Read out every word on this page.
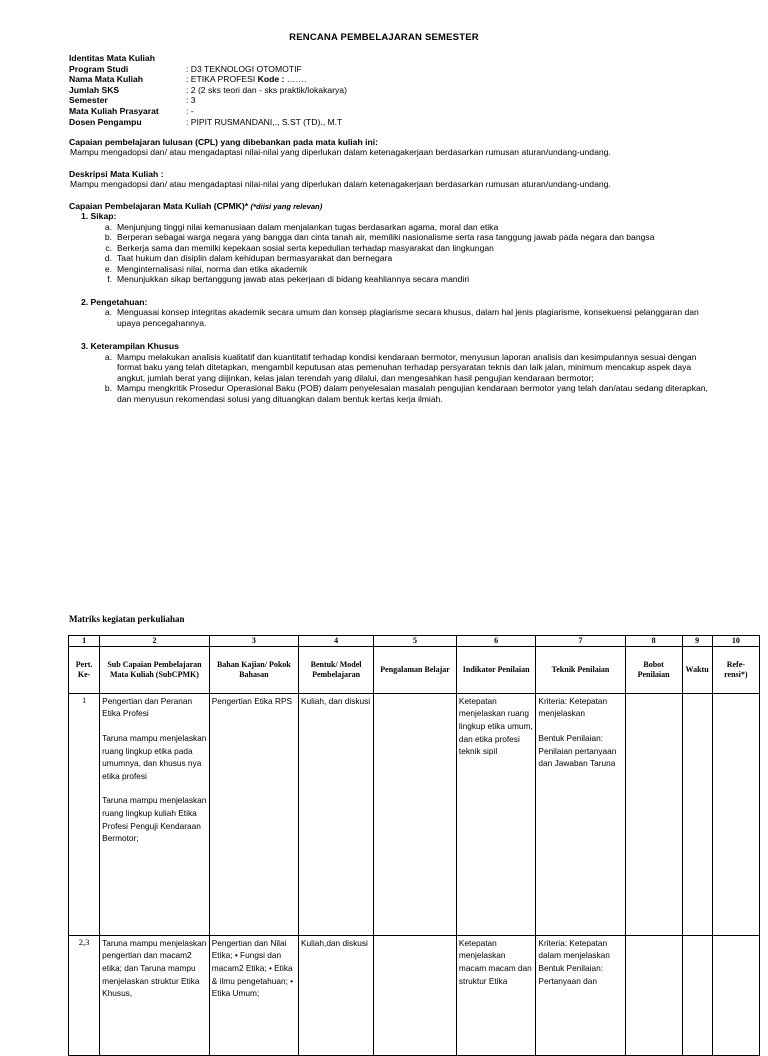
RENCANA PEMBELAJARAN SEMESTER
Identitas Mata Kuliah
Program Studi	: D3 TEKNOLOGI OTOMOTIF
Nama Mata Kuliah	: ETIKA PROFESI Kode : …….
Jumlah SKS	: 2 (2 sks teori dan - sks praktik/lokakarya)
Semester	: 3
Mata Kuliah Prasyarat	: -
Dosen Pengampu	: PIPIT RUSMANDANI,., S.ST (TD)., M.T
Capaian pembelajaran lulusan (CPL) yang dibebankan pada mata kuliah ini:
Mampu mengadopsi dan/ atau mengadaptasi nilai-nilai yang diperlukan dalam ketenagakerjaan berdasarkan rumusan aturan/undang-undang.
Deskripsi Mata Kuliah :
Mampu mengadopsi dan/ atau mengadaptasi nilai-nilai yang diperlukan dalam ketenagakerjaan berdasarkan rumusan aturan/undang-undang.
Capaian Pembelajaran Mata Kuliah (CPMK)* (*diisi yang relevan)
1. Sikap:
a. Menjunjung tinggi nilai kemanusiaan dalam menjalankan tugas berdasarkan agama, moral dan etika
b. Berperan sebagai warga negara yang bangga dan cinta tanah air, memiliki nasionalisme serta rasa tanggung jawab pada negara dan bangsa
c. Berkerja sama dan memilki kepekaan sosial serta kepedulian terhadap masyarakat dan lingkungan
d. Taat hukum dan disiplin dalam kehidupan bermasyarakat dan bernegara
e. Menginternalisasi nilai, norma dan etika akademik
f. Menunjukkan sikap bertanggung jawab atas pekerjaan di bidang keahliannya secara mandiri
2. Pengetahuan:
a. Menguasai konsep integritas akademik secara umum dan konsep plagiarisme secara khusus, dalam hal jenis plagiarisme, konsekuensi pelanggaran dan upaya pencegahannya.
3. Keterampilan Khusus
a. Mampu melakukan analisis kualitatif dan kuantitatif terhadap kondisi kendaraan bermotor, menyusun laporan analisis dan kesimpulannya sesuai dengan format baku yang telah ditetapkan, mengambil keputusan atas pemenuhan terhadap persyaratan teknis dan laik jalan, minimum mencakup aspek daya angkut, jumlah berat yang diijinkan, kelas jalan terendah yang dilalui, dan mengesahkan hasil pengujian kendaraan bermotor;
b. Mampu mengkritik Prosedur Operasional Baku (POB) dalam penyelesaian masalah pengujian kendaraan bermotor yang telah dan/atau sedang diterapkan, dan menyusun rekomendasi solusi yang dituangkan dalam bentuk kertas kerja ilmiah.
Matriks kegiatan perkuliahan
1	2	3	4	5	6	7	8	9	10
Pert. Ke-	Sub Capaian Pembelajaran Mata Kuliah (SubCPMK)	Bahan Kajian/ Pokok Bahasan	Bentuk/ Model Pembelajaran	Pengalaman Belajar	Indikator Penilaian	Teknik Penilaian	Bobot Penilaian	Waktu	Refe- rensi*)
1	Pengertian dan Peranan Etika Profesi
Taruna mampu menjelaskan ruang lingkup etika pada umumnya, dan khusus nya etika profesi
Taruna mampu menjelaskan ruang lingkup kuliah Etika Profesi Penguji Kendaraan Bermotor;	Pengertian Etika RPS	Kuliah, dan diskusi		Ketepatan menjelaskan ruang lingkup etika umum, dan etika profesi teknik sipil	Kriteria: Ketepatan menjelaskan
Bentuk Penilaian: Penilaian pertanyaan dan Jawaban Taruna			

2,3	Taruna mampu menjelaskan pengertian dan macam2 etika; dan Taruna mampu menjelaskan struktur Etika Khusus,	Pengertian dan Nilai Etika; • Fungsi dan macam2 Etika; • Etika & ilmu pengetahuan; • Etika Umum;	Kuliah,dan diskusi		Ketepatan menjelaskan macam macam dan struktur Etika	Kriteria: Ketepatan dalam menjelaskan Bentuk Penilaian: Pertanyaan dan			
